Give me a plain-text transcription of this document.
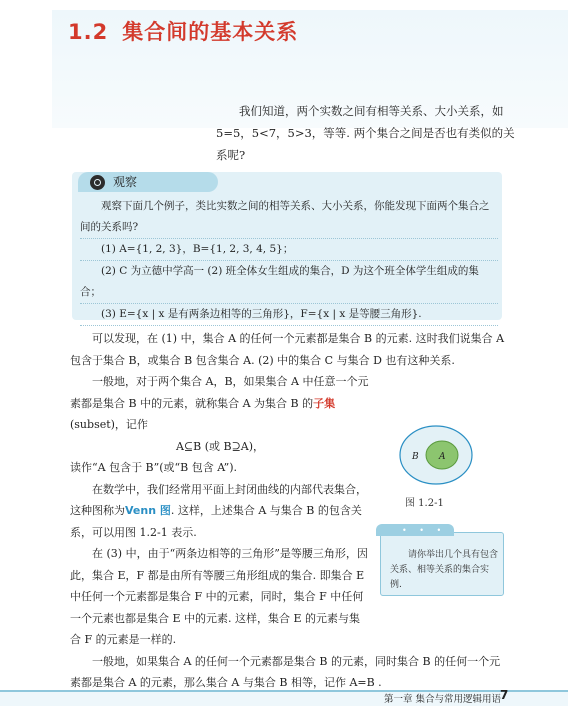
1.2 集合间的基本关系

我们知道，两个实数之间有相等关系、大小关系，如5=5，5<7，5>3，等等. 两个集合之间是否也有类似的关系呢?

观察
观察下面几个例子，类比实数之间的相等关系、大小关系，你能发现下面两个集合之间的关系吗?
(1) A={1, 2, 3}，B={1, 2, 3, 4, 5}；
(2) C 为立德中学高一 (2) 班全体女生组成的集合，D 为这个班全体学生组成的集合；
(3) E={x | x 是有两条边相等的三角形}，F={x | x 是等腰三角形}.
可以发现，在 (1) 中，集合 A 的任何一个元素都是集合 B 的元素. 这时我们说集合 A 包含于集合 B，或集合 B 包含集合 A. (2) 中的集合 C 与集合 D 也有这种关系.
一般地，对于两个集合 A，B，如果集合 A 中任意一个元素都是集合 B 中的元素，就称集合 A 为集合 B 的子集(subset)，记作
A⊆B (或 B⊇A)，
读作“A 包含于 B”(或“B 包含 A”).
在数学中，我们经常用平面上封闭曲线的内部代表集合，这种图称为Venn 图. 这样，上述集合 A 与集合 B 的包含关系，可以用图 1.2-1 表示.
在 (3) 中，由于“两条边相等的三角形”是等腰三角形，因此，集合 E，F 都是由所有等腰三角形组成的集合. 即集合 E 中任何一个元素都是集合 F 中的元素，同时，集合 F 中任何一个元素也都是集合 E 中的元素. 这样，集合 E 的元素与集合 F 的元素是一样的.
一般地，如果集合 A 的任何一个元素都是集合 B 的元素，同时集合 B 的任何一个元素都是集合 A 的元素，那么集合 A 与集合 B 相等，记作 A=B .
B A
图 1.2-1
• • •
请你举出几个具有包含关系、相等关系的集合实例.
第一章 集合与常用逻辑用语
7
